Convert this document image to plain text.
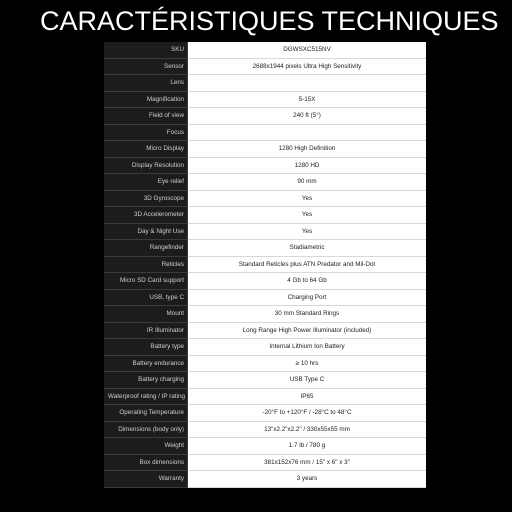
CARACTÉRISTIQUES TECHNIQUES
SKU	DGWSXC515NV
Sensor	2688x1944 pixels Ultra High Sensitivity
Lens	
Magnification	5-15X
Field of view	240 ft (5°)
Focus	
Micro Display	1280 High Definition
Display Resolution	1280 HD
Eye relief	90 mm
3D Gyroscope	Yes
3D Accelerometer	Yes
Day & Night Use	Yes
Rangefinder	Stadiametric
Reticles	Standard Reticles plus ATN Predator and Mil-Dot
Micro SD Card support	4 Gb to 64 Gb
USB, type C	Charging Port
Mount	30 mm Standard Rings
IR Illuminator	Long Range High Power Illuminator (included)
Battery type	Internal Lithium Ion Battery
Battery endurance	≥ 10 hrs
Battery charging	USB Type C
Waterproof rating / IP rating	IP65
Operating Temperature	-20°F to +120°F / -28°C to 48°C
Dimensions (body only)	13"x2.2"x2.2" / 330x55x55 mm
Weight	1.7 lb / 780 g
Box dimensions	381x152x76 mm / 15" x 6" x 3"
Warranty	3 years
